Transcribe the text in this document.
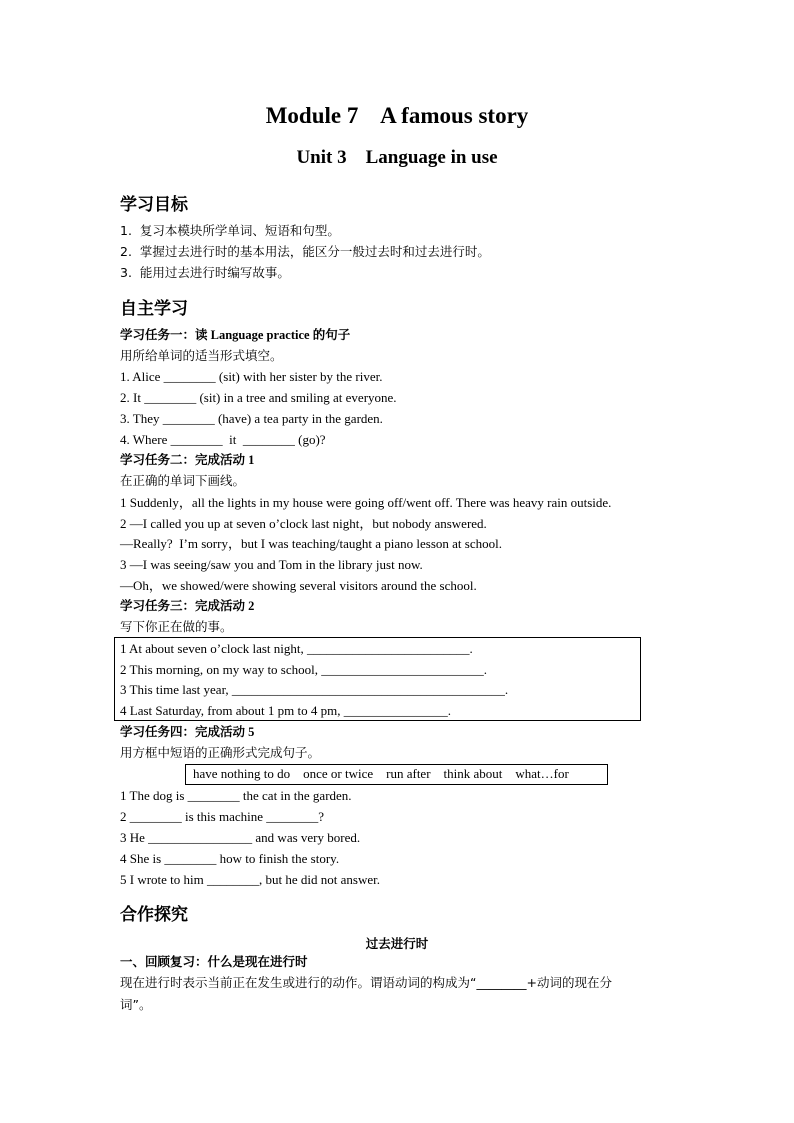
Module 7    A famous story
Unit 3    Language in use
学习目标
1.  复习本模块所学单词、短语和句型。
2.  掌握过去进行时的基本用法，能区分一般过去时和过去进行时。
3.  能用过去进行时编写故事。
自主学习
学习任务一：读 Language practice 的句子
用所给单词的适当形式填空。
1. Alice ________ (sit) with her sister by the river.
2. It ________ (sit) in a tree and smiling at everyone.
3. They ________ (have) a tea party in the garden.
4. Where ________  it  ________ (go)?
学习任务二：完成活动 1
在正确的单词下画线。
1 Suddenly，all the lights in my house were going off/went off. There was heavy rain outside.
2 —I called you up at seven o’clock last night，but nobody answered.
—Really?  I’m sorry，but I was teaching/taught a piano lesson at school.
3 —I was seeing/saw you and Tom in the library just now.
—Oh，we showed/were showing several visitors around the school.
学习任务三：完成活动 2
写下你正在做的事。
1 At about seven o’clock last night, _________________________.
2 This morning, on my way to school, _________________________.
3 This time last year, __________________________________________.
4 Last Saturday, from about 1 pm to 4 pm, ________________.
学习任务四：完成活动 5
用方框中短语的正确形式完成句子。
have nothing to do    once or twice    run after    think about    what…for
1 The dog is ________ the cat in the garden.
2 ________ is this machine ________?
3 He ________________ and was very bored.
4 She is ________ how to finish the story.
5 I wrote to him ________, but he did not answer.
合作探究
过去进行时
一、回顾复习：什么是现在进行时
现在进行时表示当前正在发生或进行的动作。谓语动词的构成为“________+动词的现在分
词”。
